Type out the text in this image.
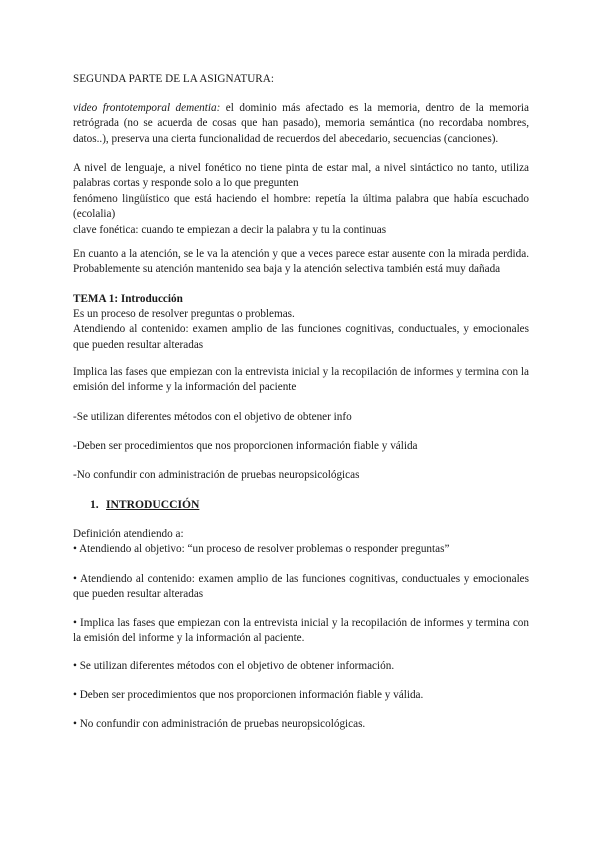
SEGUNDA PARTE DE LA ASIGNATURA:

video frontotemporal dementia: el dominio más afectado es la memoria, dentro de la memoria retrógrada (no se acuerda de cosas que han pasado), memoria semántica (no recordaba nombres, datos..), preserva una cierta funcionalidad de recuerdos del abecedario, secuencias (canciones).

A nivel de lenguaje, a nivel fonético no tiene pinta de estar mal, a nivel sintáctico no tanto, utiliza palabras cortas y responde solo a lo que pregunten
fenómeno lingüístico que está haciendo el hombre: repetía la última palabra que había escuchado (ecolalia)
clave fonética: cuando te empiezan a decir la palabra y tu la continuas

En cuanto a la atención, se le va la atención y que a veces parece estar ausente con la mirada perdida. Probablemente su atención mantenido sea baja y la atención selectiva también está muy dañada

TEMA 1: Introducción

Es un proceso de resolver preguntas o problemas.
Atendiendo al contenido: examen amplio de las funciones cognitivas, conductuales, y emocionales que pueden resultar alteradas

Implica las fases que empiezan con la entrevista inicial y la recopilación de informes y termina con la emisión del informe y la información del paciente

-Se utilizan diferentes métodos con el objetivo de obtener info

-Deben ser procedimientos que nos proporcionen información fiable y válida

-No confundir con administración de pruebas neuropsicológicas

1. INTRODUCCIÓN

Definición atendiendo a:

• Atendiendo al objetivo: “un proceso de resolver problemas o responder preguntas”

• Atendiendo al contenido: examen amplio de las funciones cognitivas, conductuales y emocionales que pueden resultar alteradas

• Implica las fases que empiezan con la entrevista inicial y la recopilación de informes y termina con la emisión del informe y la información al paciente.

• Se utilizan diferentes métodos con el objetivo de obtener información.

• Deben ser procedimientos que nos proporcionen información fiable y válida.

• No confundir con administración de pruebas neuropsicológicas.
